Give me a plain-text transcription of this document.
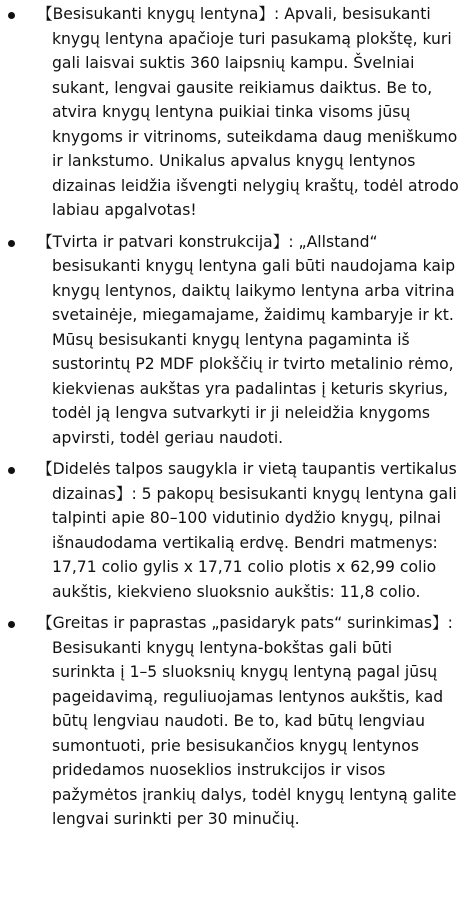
【Besisukanti knygų lentyna】: Apvali, besisukanti knygų lentyna apačioje turi pasukamą plokštę, kuri gali laisvai suktis 360 laipsnių kampu. Švelniai sukant, lengvai gausite reikiamus daiktus. Be to, atvira knygų lentyna puikiai tinka visoms jūsų knygoms ir vitrinoms, suteikdama daug meniškumo ir lankstumo. Unikalus apvalus knygų lentynos dizainas leidžia išvengti nelygių kraštų, todėl atrodo labiau apgalvotas!
【Tvirta ir patvari konstrukcija】: „Allstand“ besisukanti knygų lentyna gali būti naudojama kaip knygų lentynos, daiktų laikymo lentyna arba vitrina svetainėje, miegamajame, žaidimų kambaryje ir kt. Mūsų besisukanti knygų lentyna pagaminta iš sustorintų P2 MDF plokščių ir tvirto metalinio rėmo, kiekvienas aukštas yra padalintas į keturis skyrius, todėl ją lengva sutvarkyti ir ji neleidžia knygoms apvirsti, todėl geriau naudoti.
【Didelės talpos saugykla ir vietą taupantis vertikalus dizainas】: 5 pakopų besisukanti knygų lentyna gali talpinti apie 80–100 vidutinio dydžio knygų, pilnai išnaudodama vertikalią erdvę. Bendri matmenys: 17,71 colio gylis x 17,71 colio plotis x 62,99 colio aukštis, kiekvieno sluoksnio aukštis: 11,8 colio.
【Greitas ir paprastas „pasidaryk pats“ surinkimas】: Besisukanti knygų lentyna-bokštas gali būti surinkta į 1–5 sluoksnių knygų lentyną pagal jūsų pageidavimą, reguliuojamas lentynos aukštis, kad būtų lengviau naudoti. Be to, kad būtų lengviau sumontuoti, prie besisukančios knygų lentynos pridedamos nuoseklios instrukcijos ir visos pažymėtos įrankių dalys, todėl knygų lentyną galite lengvai surinkti per 30 minučių.
